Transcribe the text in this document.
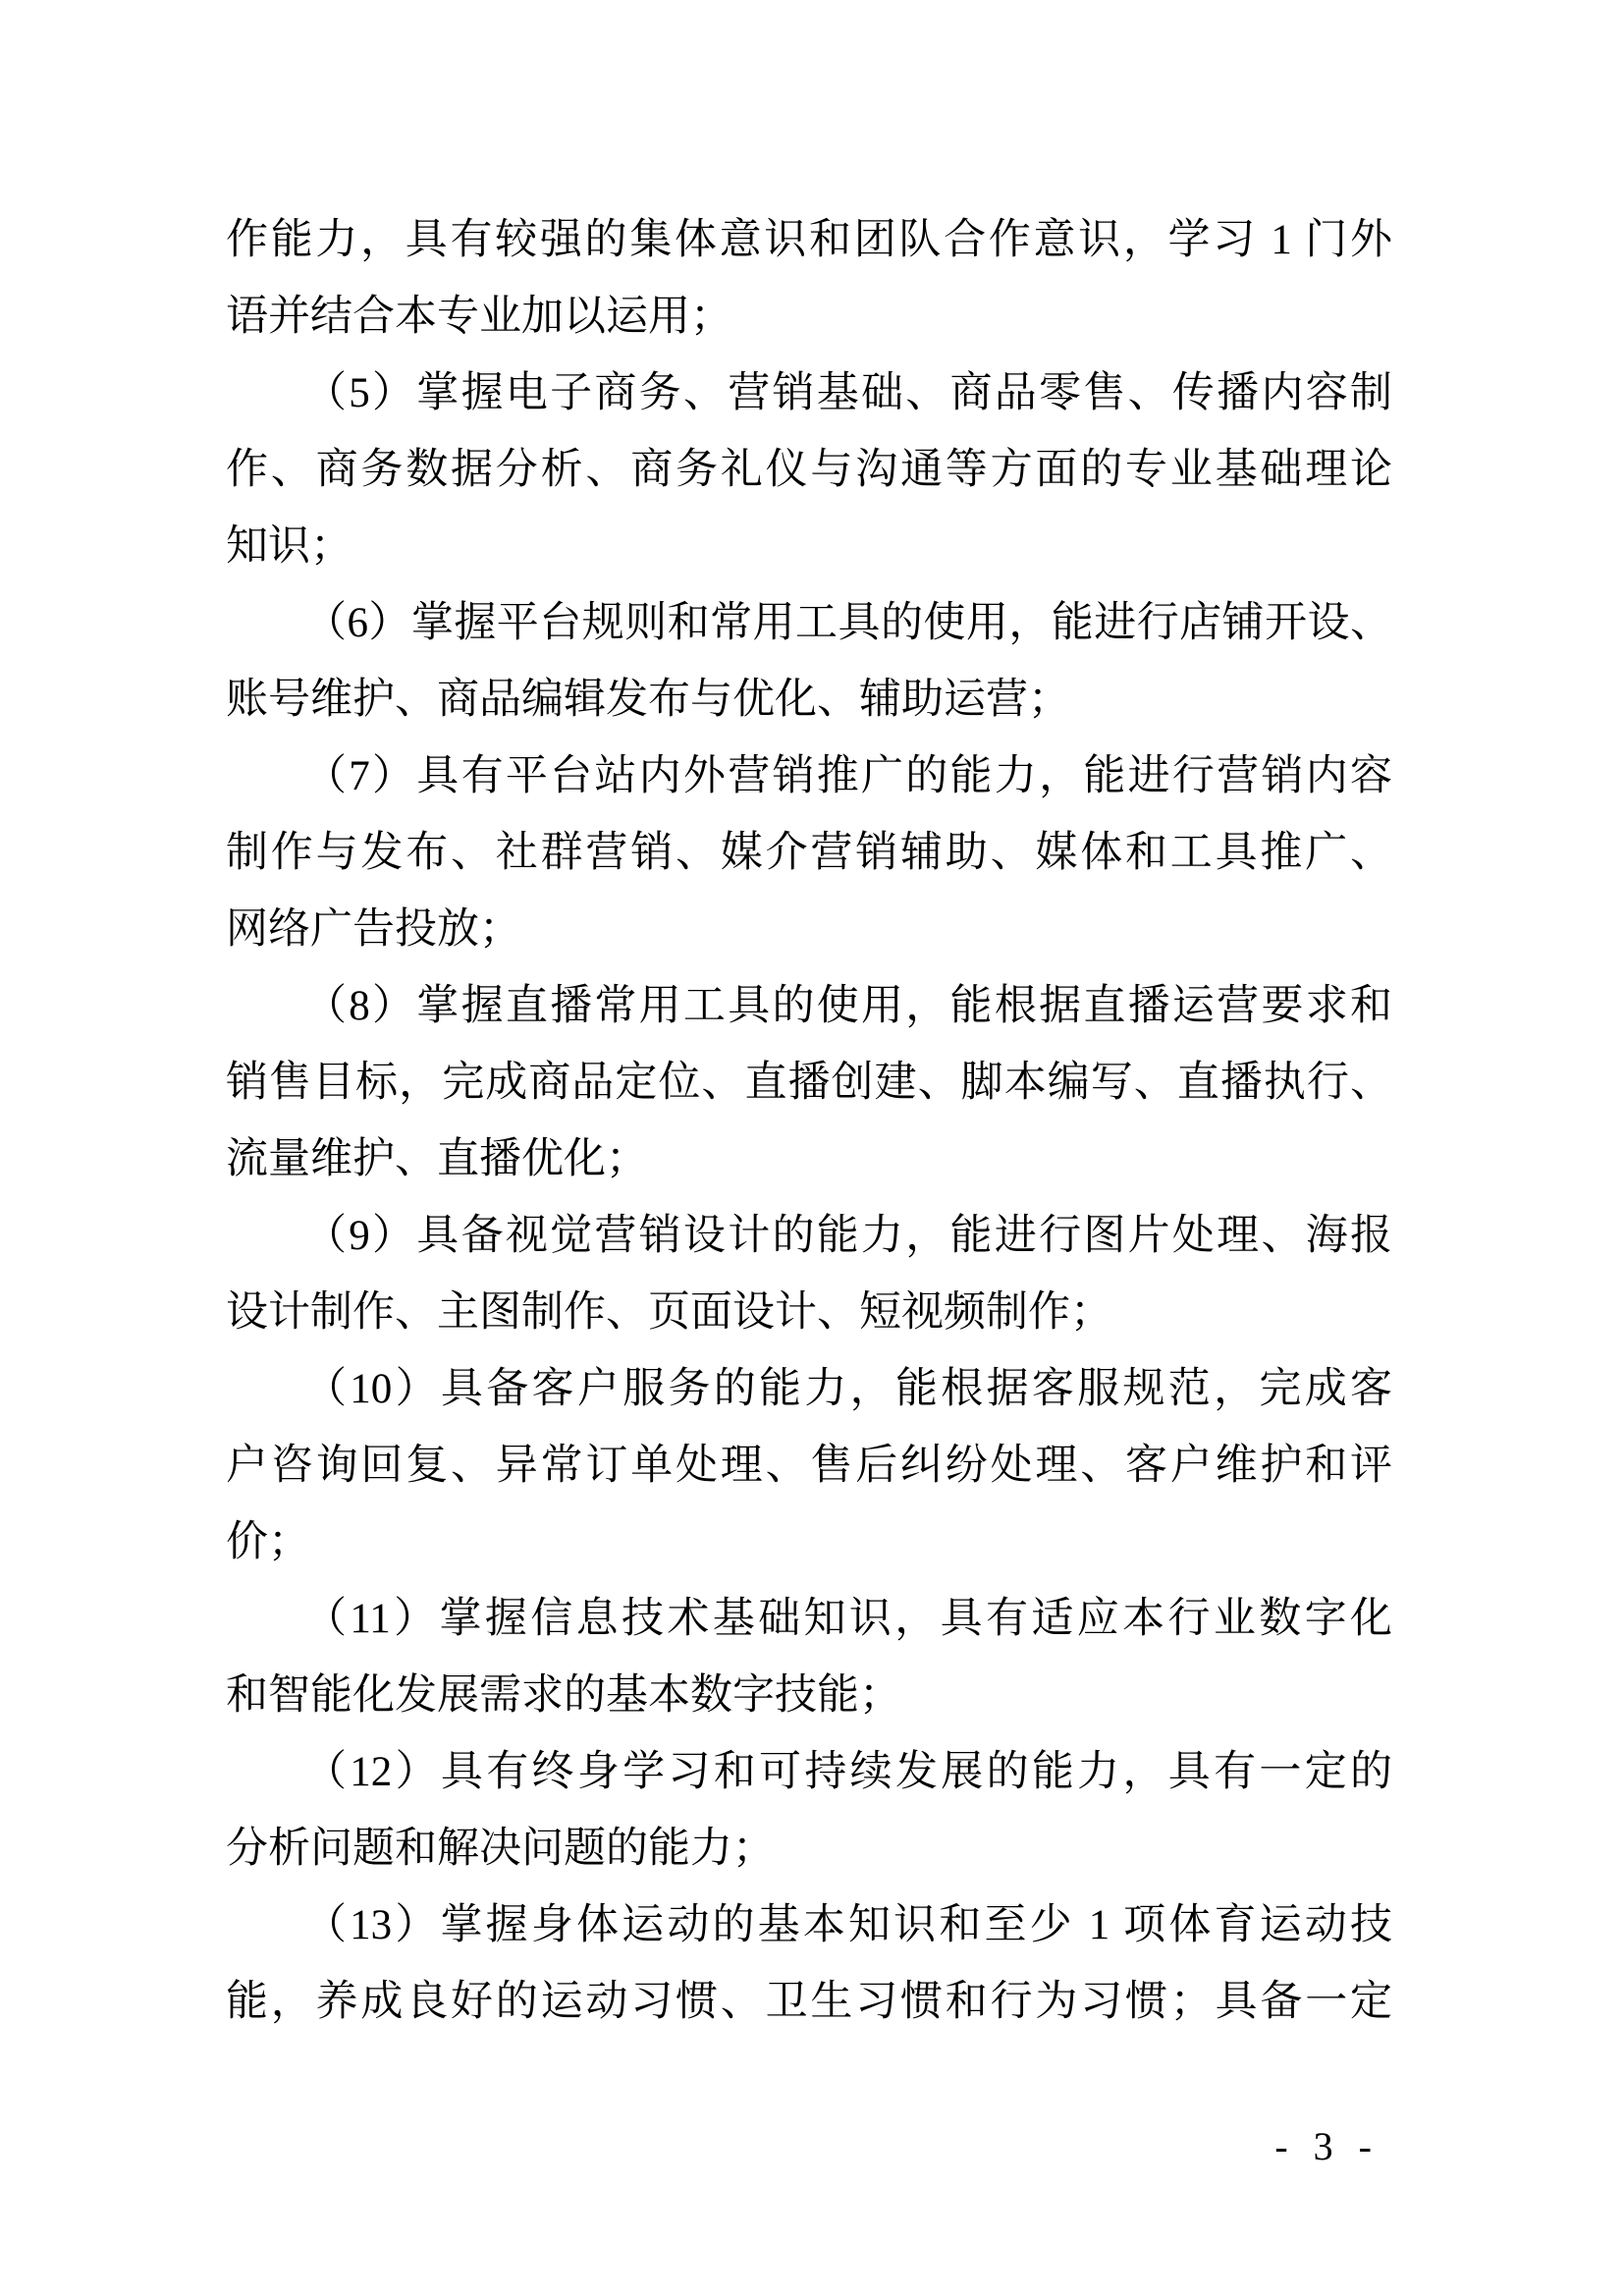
作能力，具有较强的集体意识和团队合作意识，学习 1 门外
语并结合本专业加以运用；
（5）掌握电子商务、营销基础、商品零售、传播内容制
作、商务数据分析、商务礼仪与沟通等方面的专业基础理论
知识；
（6）掌握平台规则和常用工具的使用，能进行店铺开设、
账号维护、商品编辑发布与优化、辅助运营；
（7）具有平台站内外营销推广的能力，能进行营销内容
制作与发布、社群营销、媒介营销辅助、媒体和工具推广、
网络广告投放；
（8）掌握直播常用工具的使用，能根据直播运营要求和
销售目标，完成商品定位、直播创建、脚本编写、直播执行、
流量维护、直播优化；
（9）具备视觉营销设计的能力，能进行图片处理、海报
设计制作、主图制作、页面设计、短视频制作；
（10）具备客户服务的能力，能根据客服规范，完成客
户咨询回复、异常订单处理、售后纠纷处理、客户维护和评
价；
（11）掌握信息技术基础知识，具有适应本行业数字化
和智能化发展需求的基本数字技能；
（12）具有终身学习和可持续发展的能力，具有一定的
分析问题和解决问题的能力；
（13）掌握身体运动的基本知识和至少 1 项体育运动技
能，养成良好的运动习惯、卫生习惯和行为习惯；具备一定
- 3 -
